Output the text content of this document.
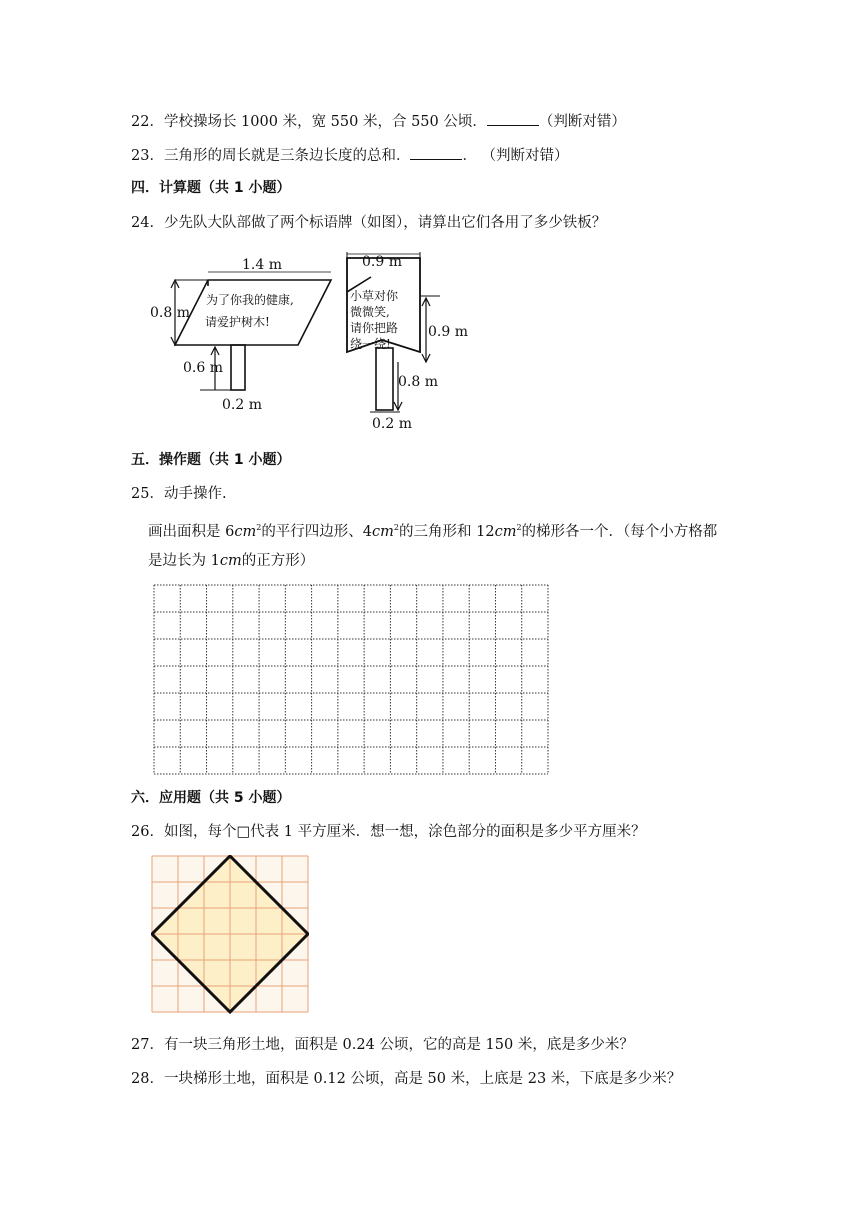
22．学校操场长 1000 米，宽 550 米，合 550 公顷．	（判断对错）
23．三角形的周长就是三条边长度的总和．	． （判断对错）
四．计算题（共 1 小题）
24．少先队大队部做了两个标语牌（如图），请算出它们各用了多少铁板？
1.4 m
0.8 m
0.6 m
0.2 m
为了你我的健康,
请爱护树木!
0.9 m
0.9 m
0.8 m
0.2 m
小草对你
微微笑,
请你把路
绕一绕!
五．操作题（共 1 小题）
25．动手操作.
画出面积是 $6cm^2$的平行四边形、$4cm^2$的三角形和 $12cm^2$的梯形各一个．（每个小方格都
是边长为 1cm的正方形）
六．应用题（共 5 小题）
26．如图，每个□代表 1 平方厘米．想一想，涂色部分的面积是多少平方厘米？
27．有一块三角形土地，面积是 0.24 公顷，它的高是 150 米，底是多少米？
28．一块梯形土地，面积是 0.12 公顷，高是 50 米，上底是 23 米，下底是多少米？
